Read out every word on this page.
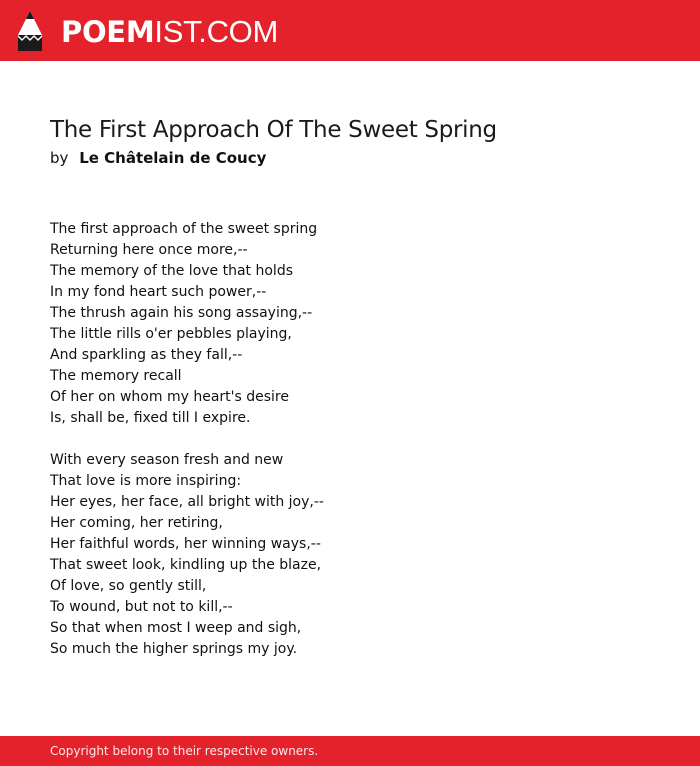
POEMIST.COM
The First Approach Of The Sweet Spring
by Le Châtelain de Coucy
The first approach of the sweet spring
Returning here once more,--
The memory of the love that holds
In my fond heart such power,--
The thrush again his song assaying,--
The little rills o'er pebbles playing,
And sparkling as they fall,--
The memory recall
Of her on whom my heart's desire
Is, shall be, fixed till I expire.
With every season fresh and new
That love is more inspiring:
Her eyes, her face, all bright with joy,--
Her coming, her retiring,
Her faithful words, her winning ways,--
That sweet look, kindling up the blaze,
Of love, so gently still,
To wound, but not to kill,--
So that when most I weep and sigh,
So much the higher springs my joy.
Copyright belong to their respective owners.
